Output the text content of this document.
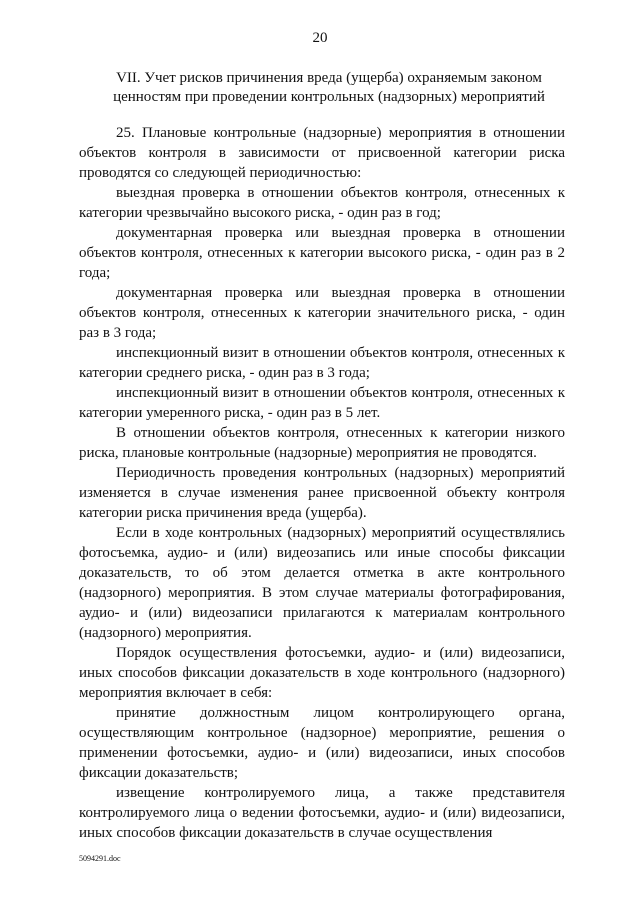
20
VII. Учет рисков причинения вреда (ущерба) охраняемым законом ценностям при проведении контрольных (надзорных) мероприятий

25. Плановые контрольные (надзорные) мероприятия в отношении объектов контроля в зависимости от присвоенной категории риска проводятся со следующей периодичностью:

выездная проверка в отношении объектов контроля, отнесенных к категории чрезвычайно высокого риска, - один раз в год;

документарная проверка или выездная проверка в отношении объектов контроля, отнесенных к категории высокого риска, - один раз в 2 года;

документарная проверка или выездная проверка в отношении объектов контроля, отнесенных к категории значительного риска, - один раз в 3 года;

инспекционный визит в отношении объектов контроля, отнесенных к категории среднего риска, - один раз в 3 года;

инспекционный визит в отношении объектов контроля, отнесенных к категории умеренного риска, - один раз в 5 лет.

В отношении объектов контроля, отнесенных к категории низкого риска, плановые контрольные (надзорные) мероприятия не проводятся.

Периодичность проведения контрольных (надзорных) мероприятий изменяется в случае изменения ранее присвоенной объекту контроля категории риска причинения вреда (ущерба).

Если в ходе контрольных (надзорных) мероприятий осуществлялись фотосъемка, аудио- и (или) видеозапись или иные способы фиксации доказательств, то об этом делается отметка в акте контрольного (надзорного) мероприятия. В этом случае материалы фотографирования, аудио- и (или) видеозаписи прилагаются к материалам контрольного (надзорного) мероприятия.

Порядок осуществления фотосъемки, аудио- и (или) видеозаписи, иных способов фиксации доказательств в ходе контрольного (надзорного) мероприятия включает в себя:

принятие должностным лицом контролирующего органа, осуществляющим контрольное (надзорное) мероприятие, решения о применении фотосъемки, аудио- и (или) видеозаписи, иных способов фиксации доказательств;

извещение контролируемого лица, а также представителя контролируемого лица о ведении фотосъемки, аудио- и (или) видеозаписи, иных способов фиксации доказательств в случае осуществления

5094291.doc
